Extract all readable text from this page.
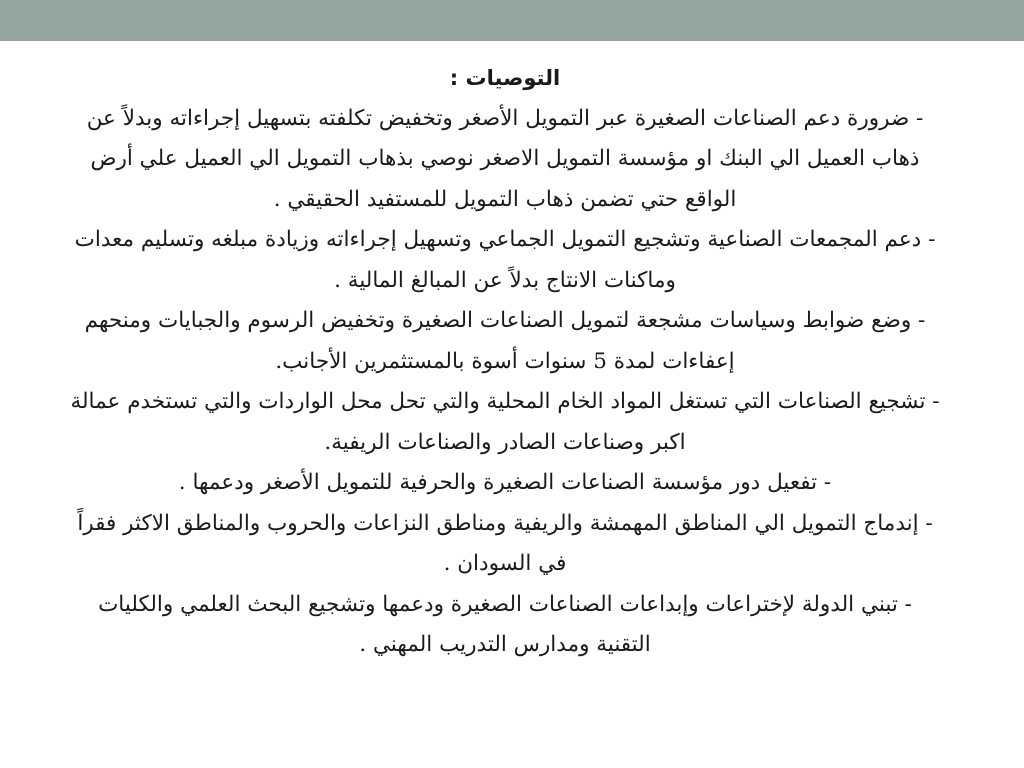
التوصيات :

- ضرورة دعم الصناعات الصغيرة عبر التمويل الأصغر وتخفيض تكلفته بتسهيل إجراءاته وبدلاً عن ذهاب العميل الي البنك او مؤسسة التمويل الاصغر نوصي بذهاب التمويل الي العميل علي أرض الواقع حتي تضمن ذهاب التمويل للمستفيد الحقيقي .

- دعم المجمعات الصناعية وتشجيع التمويل الجماعي وتسهيل إجراءاته وزيادة مبلغه وتسليم معدات وماكنات الانتاج بدلاً عن المبالغ المالية .

- وضع ضوابط وسياسات مشجعة لتمويل الصناعات الصغيرة وتخفيض الرسوم والجبايات ومنحهم إعفاءات لمدة 5 سنوات أسوة بالمستثمرين الأجانب.

- تشجيع الصناعات التي تستغل المواد الخام المحلية والتي تحل محل الواردات والتي تستخدم عمالة اكبر وصناعات الصادر والصناعات الريفية.

- تفعيل دور مؤسسة الصناعات الصغيرة والحرفية للتمويل الأصغر ودعمها .

- إندماج التمويل الي المناطق المهمشة والريفية ومناطق النزاعات والحروب والمناطق الاكثر فقراً في السودان .

- تبني الدولة لإختراعات وإبداعات الصناعات الصغيرة ودعمها وتشجيع البحث العلمي والكليات التقنية ومدارس التدريب المهني .
